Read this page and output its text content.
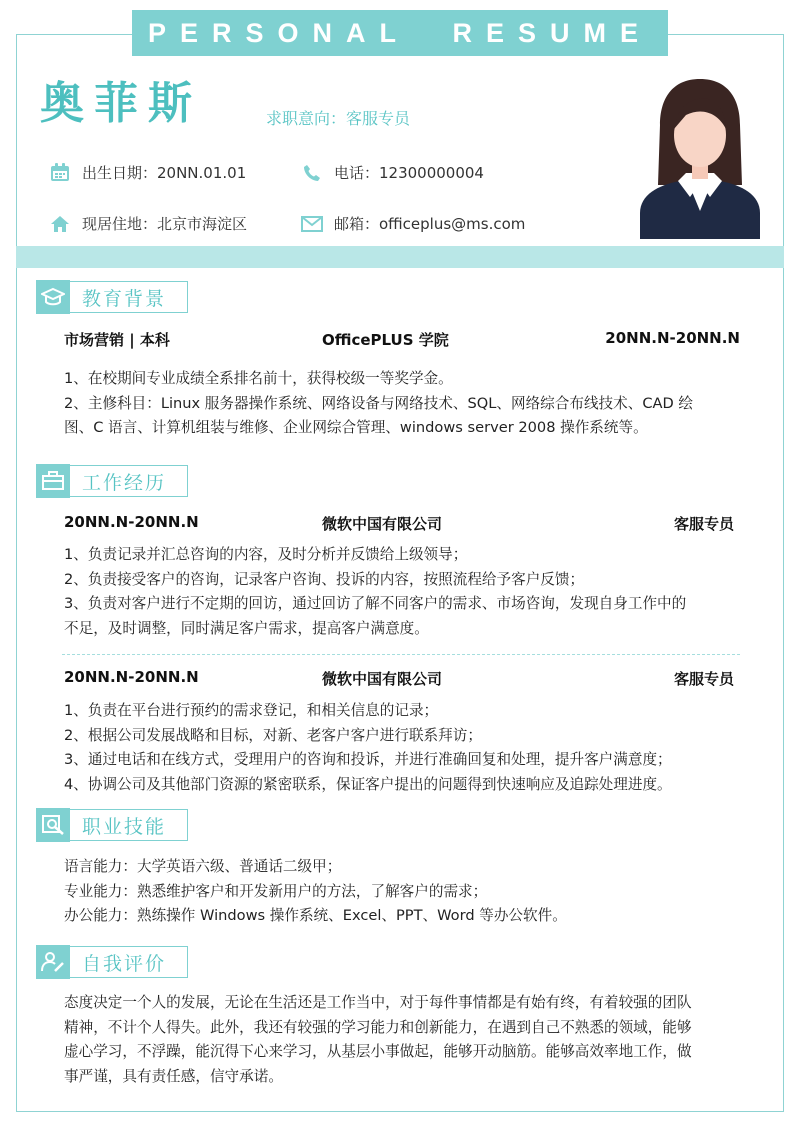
PERSONAL  RESUME
奥菲斯	求职意向：客服专员
出生日期：20NN.01.01	电话：12300000004
现居住地：北京市海淀区	邮箱：officeplus@ms.com
教育背景
市场营销 | 本科	OfficePLUS 学院	20NN.N-20NN.N
1、在校期间专业成绩全系排名前十，获得校级一等奖学金。
2、主修科目：Linux 服务器操作系统、网络设备与网络技术、SQL、网络综合布线技术、CAD 绘
图、C 语言、计算机组装与维修、企业网综合管理、windows server 2008 操作系统等。
工作经历
20NN.N-20NN.N	微软中国有限公司	客服专员
1、负责记录并汇总咨询的内容，及时分析并反馈给上级领导；
2、负责接受客户的咨询，记录客户咨询、投诉的内容，按照流程给予客户反馈；
3、负责对客户进行不定期的回访，通过回访了解不同客户的需求、市场咨询，发现自身工作中的
不足，及时调整，同时满足客户需求，提高客户满意度。
20NN.N-20NN.N	微软中国有限公司	客服专员
1、负责在平台进行预约的需求登记，和相关信息的记录；
2、根据公司发展战略和目标，对新、老客户客户进行联系拜访；
3、通过电话和在线方式，受理用户的咨询和投诉，并进行准确回复和处理，提升客户满意度；
4、协调公司及其他部门资源的紧密联系，保证客户提出的问题得到快速响应及追踪处理进度。
职业技能
语言能力：大学英语六级、普通话二级甲；
专业能力：熟悉维护客户和开发新用户的方法，了解客户的需求；
办公能力：熟练操作 Windows 操作系统、Excel、PPT、Word 等办公软件。
自我评价
态度决定一个人的发展，无论在生活还是工作当中，对于每件事情都是有始有终，有着较强的团队
精神，不计个人得失。此外，我还有较强的学习能力和创新能力，在遇到自己不熟悉的领域，能够
虚心学习，不浮躁，能沉得下心来学习，从基层小事做起，能够开动脑筋。能够高效率地工作，做
事严谨，具有责任感，信守承诺。
